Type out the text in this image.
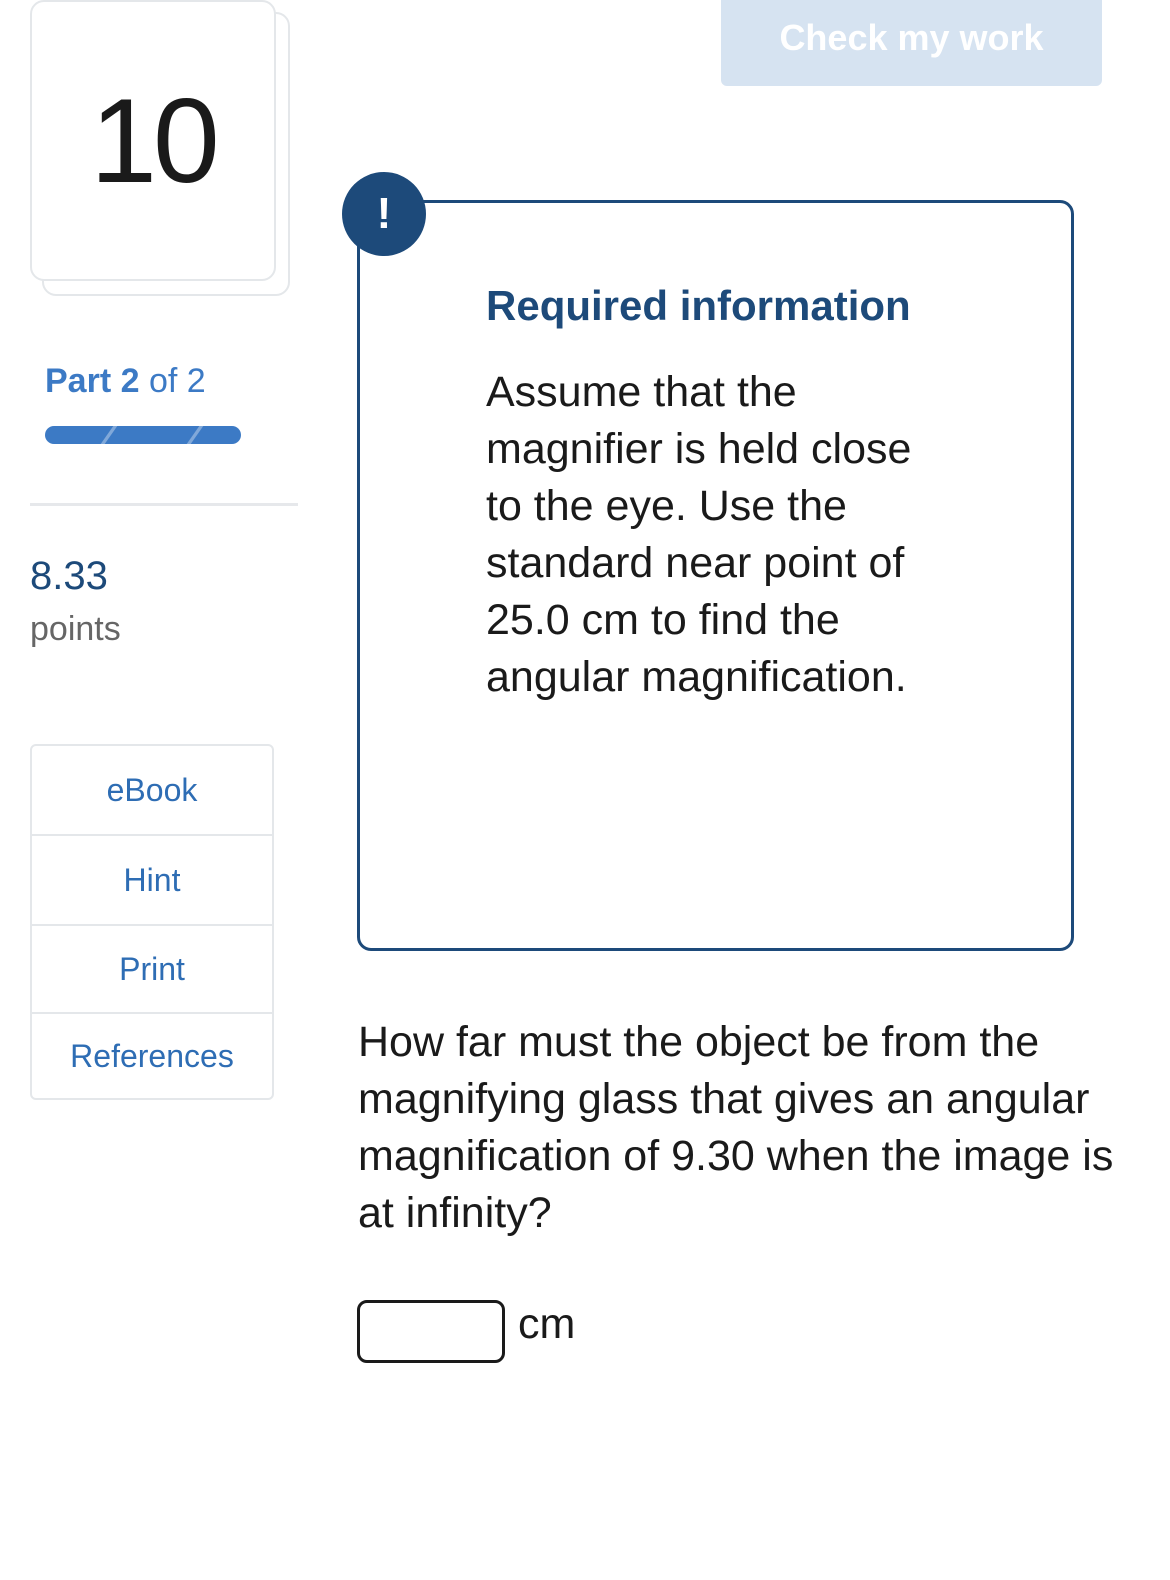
10
Check my work
Part 2 of 2
8.33
points
eBook
Hint
Print
References
!
Required information
Assume that the magnifier is held close to the eye. Use the standard near point of 25.0 cm to find the angular magnification.
How far must the object be from the magnifying glass that gives an angular magnification of 9.30 when the image is at infinity?
cm
